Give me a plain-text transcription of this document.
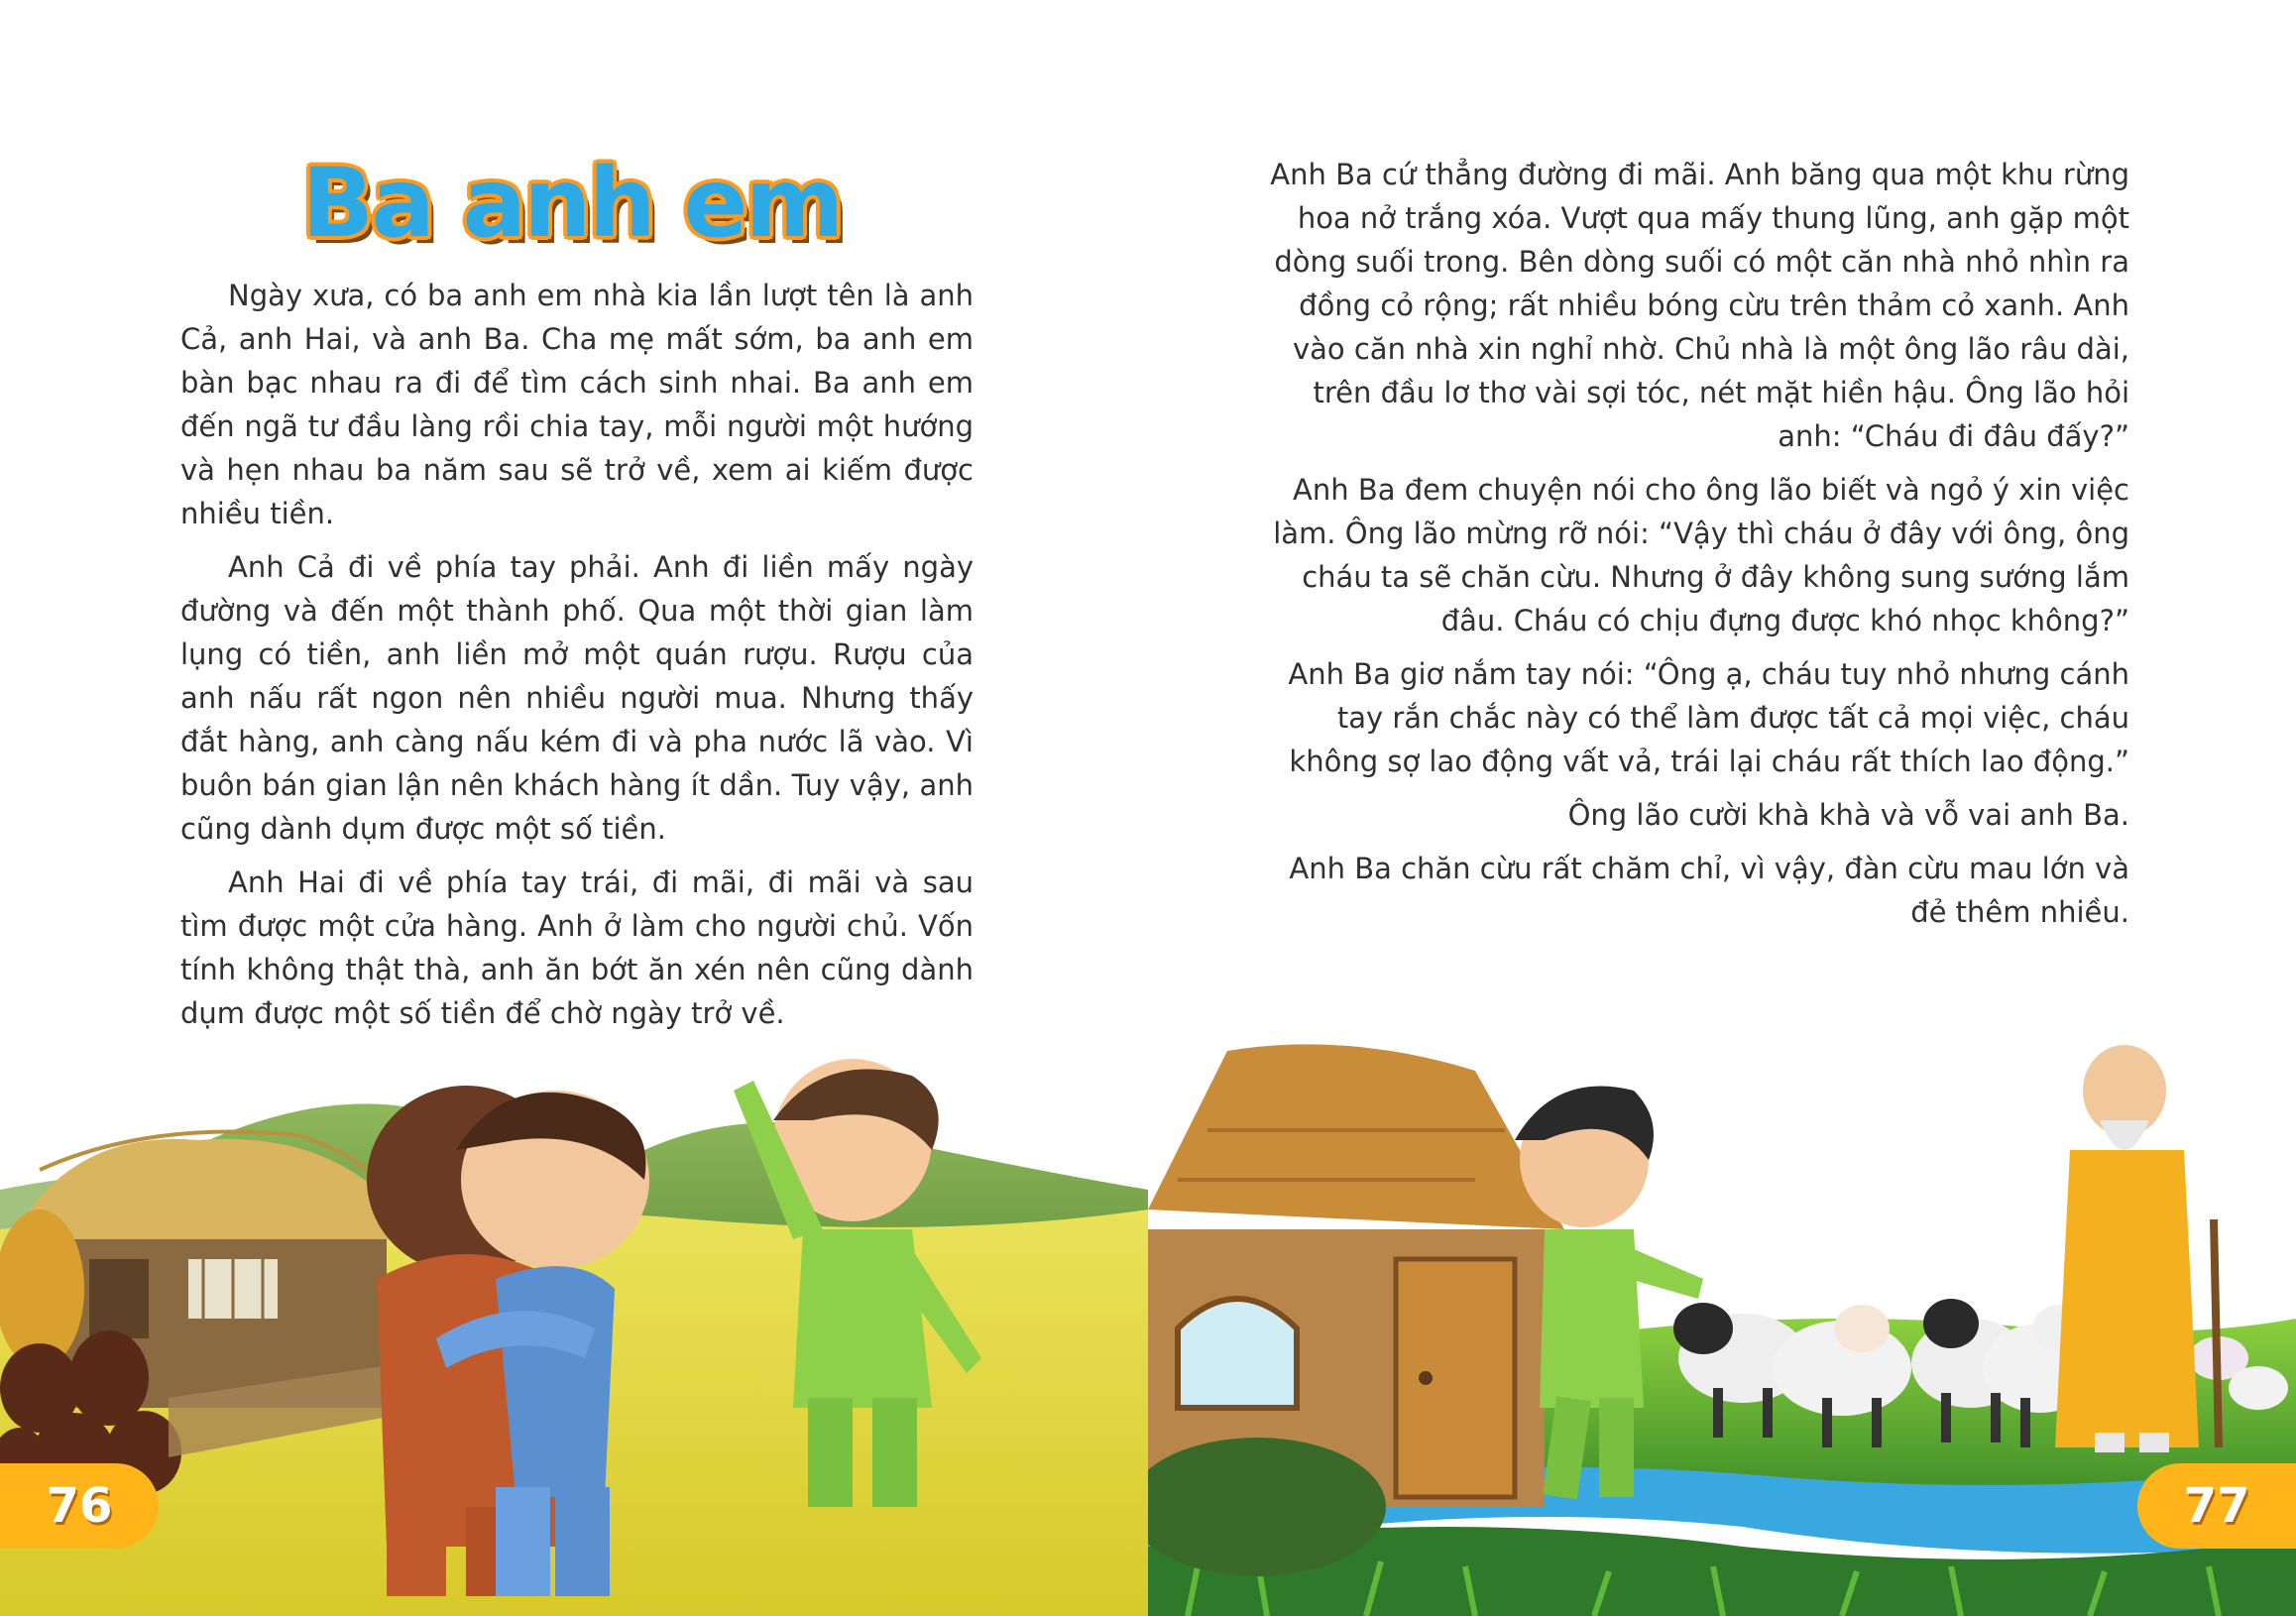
Ba anh em

Ngày xưa, có ba anh em nhà kia lần lượt tên là anh Cả, anh Hai, và anh Ba. Cha mẹ mất sớm, ba anh em bàn bạc nhau ra đi để tìm cách sinh nhai. Ba anh em đến ngã tư đầu làng rồi chia tay, mỗi người một hướng và hẹn nhau ba năm sau sẽ trở về, xem ai kiếm được nhiều tiền.

Anh Cả đi về phía tay phải. Anh đi liền mấy ngày đường và đến một thành phố. Qua một thời gian làm lụng có tiền, anh liền mở một quán rượu. Rượu của anh nấu rất ngon nên nhiều người mua. Nhưng thấy đắt hàng, anh càng nấu kém đi và pha nước lã vào. Vì buôn bán gian lận nên khách hàng ít dần. Tuy vậy, anh cũng dành dụm được một số tiền.

Anh Hai đi về phía tay trái, đi mãi, đi mãi và sau tìm được một cửa hàng. Anh ở làm cho người chủ. Vốn tính không thật thà, anh ăn bớt ăn xén nên cũng dành dụm được một số tiền để chờ ngày trở về.

76

Anh Ba cứ thẳng đường đi mãi. Anh băng qua một khu rừng hoa nở trắng xóa. Vượt qua mấy thung lũng, anh gặp một dòng suối trong. Bên dòng suối có một căn nhà nhỏ nhìn ra đồng cỏ rộng; rất nhiều bóng cừu trên thảm cỏ xanh. Anh vào căn nhà xin nghỉ nhờ. Chủ nhà là một ông lão râu dài, trên đầu lơ thơ vài sợi tóc, nét mặt hiền hậu. Ông lão hỏi anh: “Cháu đi đâu đấy?”

Anh Ba đem chuyện nói cho ông lão biết và ngỏ ý xin việc làm. Ông lão mừng rỡ nói: “Vậy thì cháu ở đây với ông, ông cháu ta sẽ chăn cừu. Nhưng ở đây không sung sướng lắm đâu. Cháu có chịu đựng được khó nhọc không?”

Anh Ba giơ nắm tay nói: “Ông ạ, cháu tuy nhỏ nhưng cánh tay rắn chắc này có thể làm được tất cả mọi việc, cháu không sợ lao động vất vả, trái lại cháu rất thích lao động.”

Ông lão cười khà khà và vỗ vai anh Ba.

Anh Ba chăn cừu rất chăm chỉ, vì vậy, đàn cừu mau lớn và đẻ thêm nhiều.

77
